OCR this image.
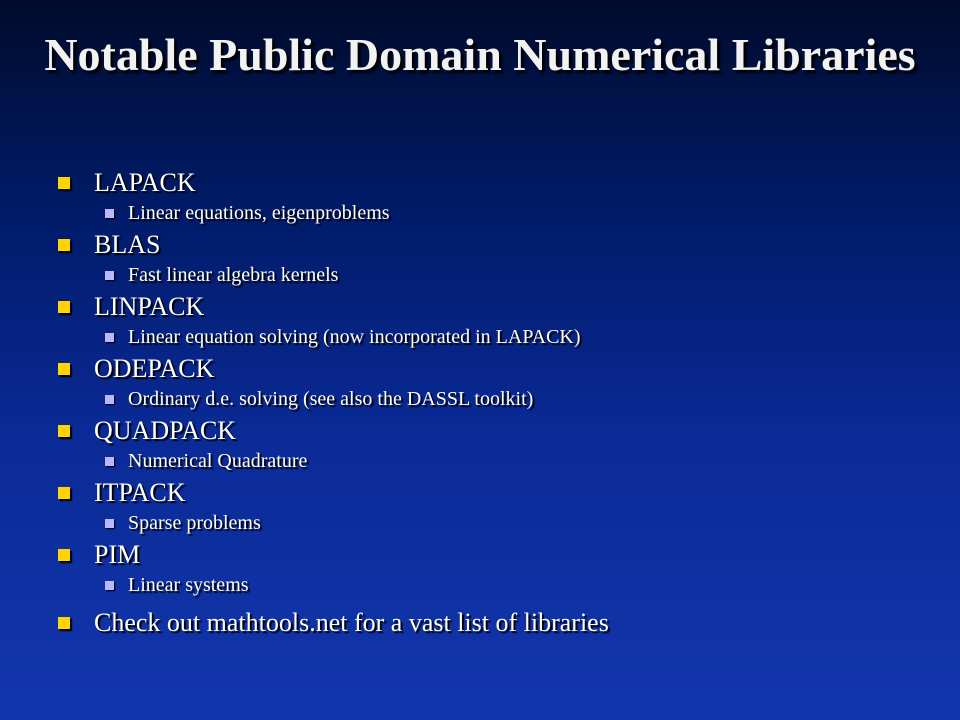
Notable Public Domain Numerical Libraries
LAPACK
Linear equations, eigenproblems
BLAS
Fast linear algebra kernels
LINPACK
Linear equation solving (now incorporated in LAPACK)
ODEPACK
Ordinary d.e. solving (see also the DASSL toolkit)
QUADPACK
Numerical Quadrature
ITPACK
Sparse problems
PIM
Linear systems
Check out mathtools.net for a vast list of libraries
